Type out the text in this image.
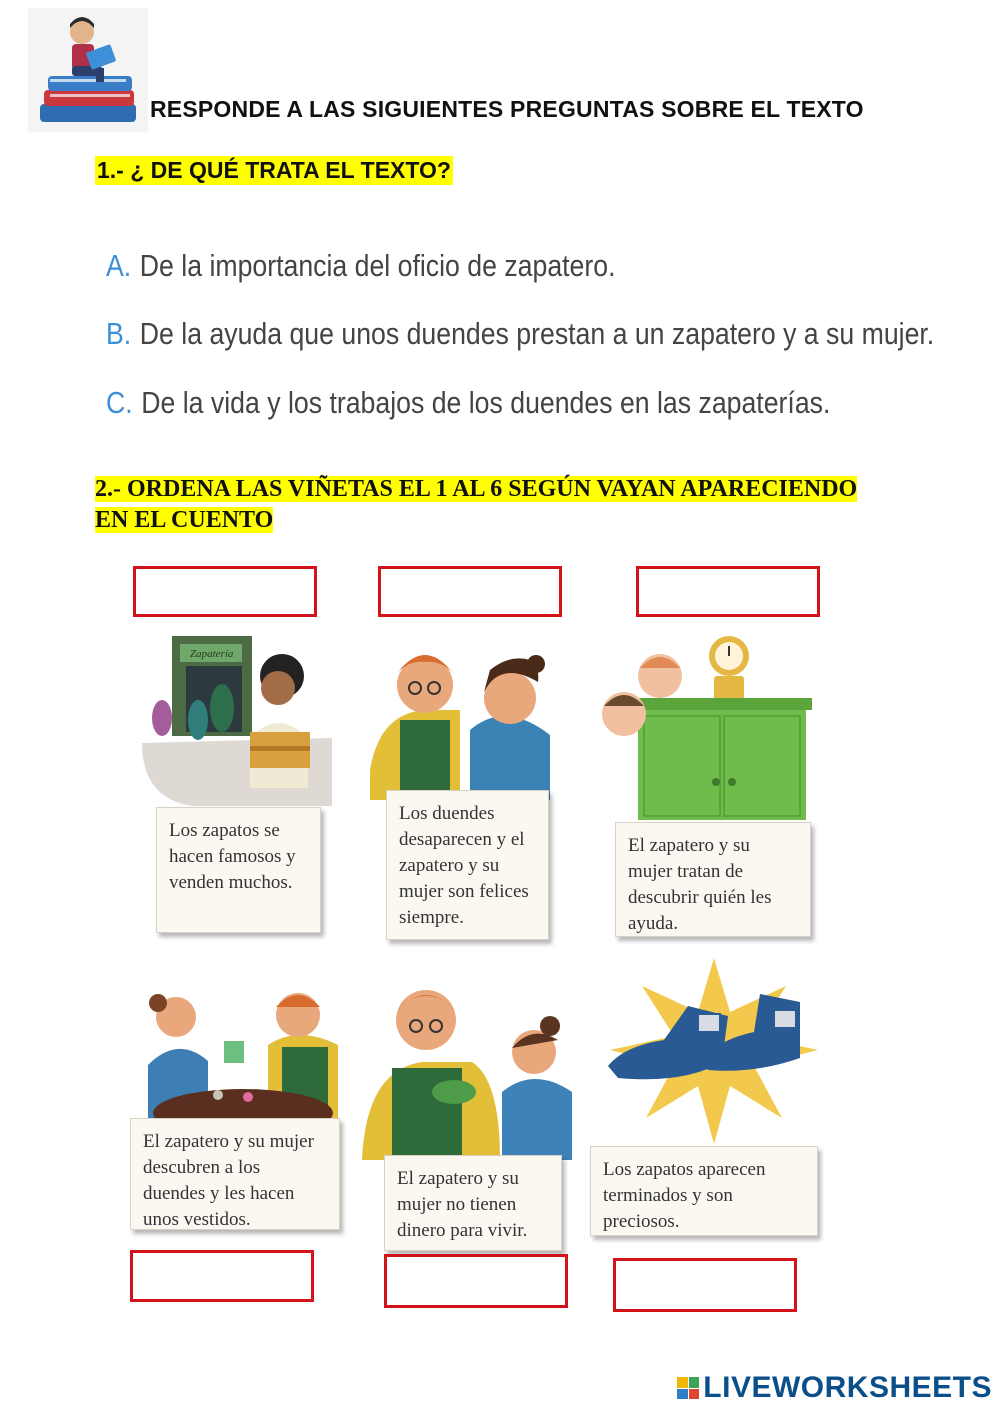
RESPONDE A LAS SIGUIENTES PREGUNTAS SOBRE EL TEXTO
1.- ¿ DE QUÉ TRATA EL TEXTO?
A. De la importancia del oficio de zapatero.
B. De la ayuda que unos duendes prestan a un zapatero y a su mujer.
C. De la vida y los trabajos de los duendes en las zapaterías.
2.- ORDENA LAS VIÑETAS EL 1 AL 6 SEGÚN VAYAN APARECIENDO
EN EL CUENTO
Zapatería
Los zapatos se hacen famosos y venden muchos.
Los duendes desaparecen y el zapatero y su mujer son felices siempre.
El zapatero y su mujer tratan de descubrir quién les ayuda.
El zapatero y su mujer descubren a los duendes y les hacen unos vestidos.
El zapatero y su mujer no tienen dinero para vivir.
Los zapatos aparecen terminados y son preciosos.
LIVEWORKSHEETS
